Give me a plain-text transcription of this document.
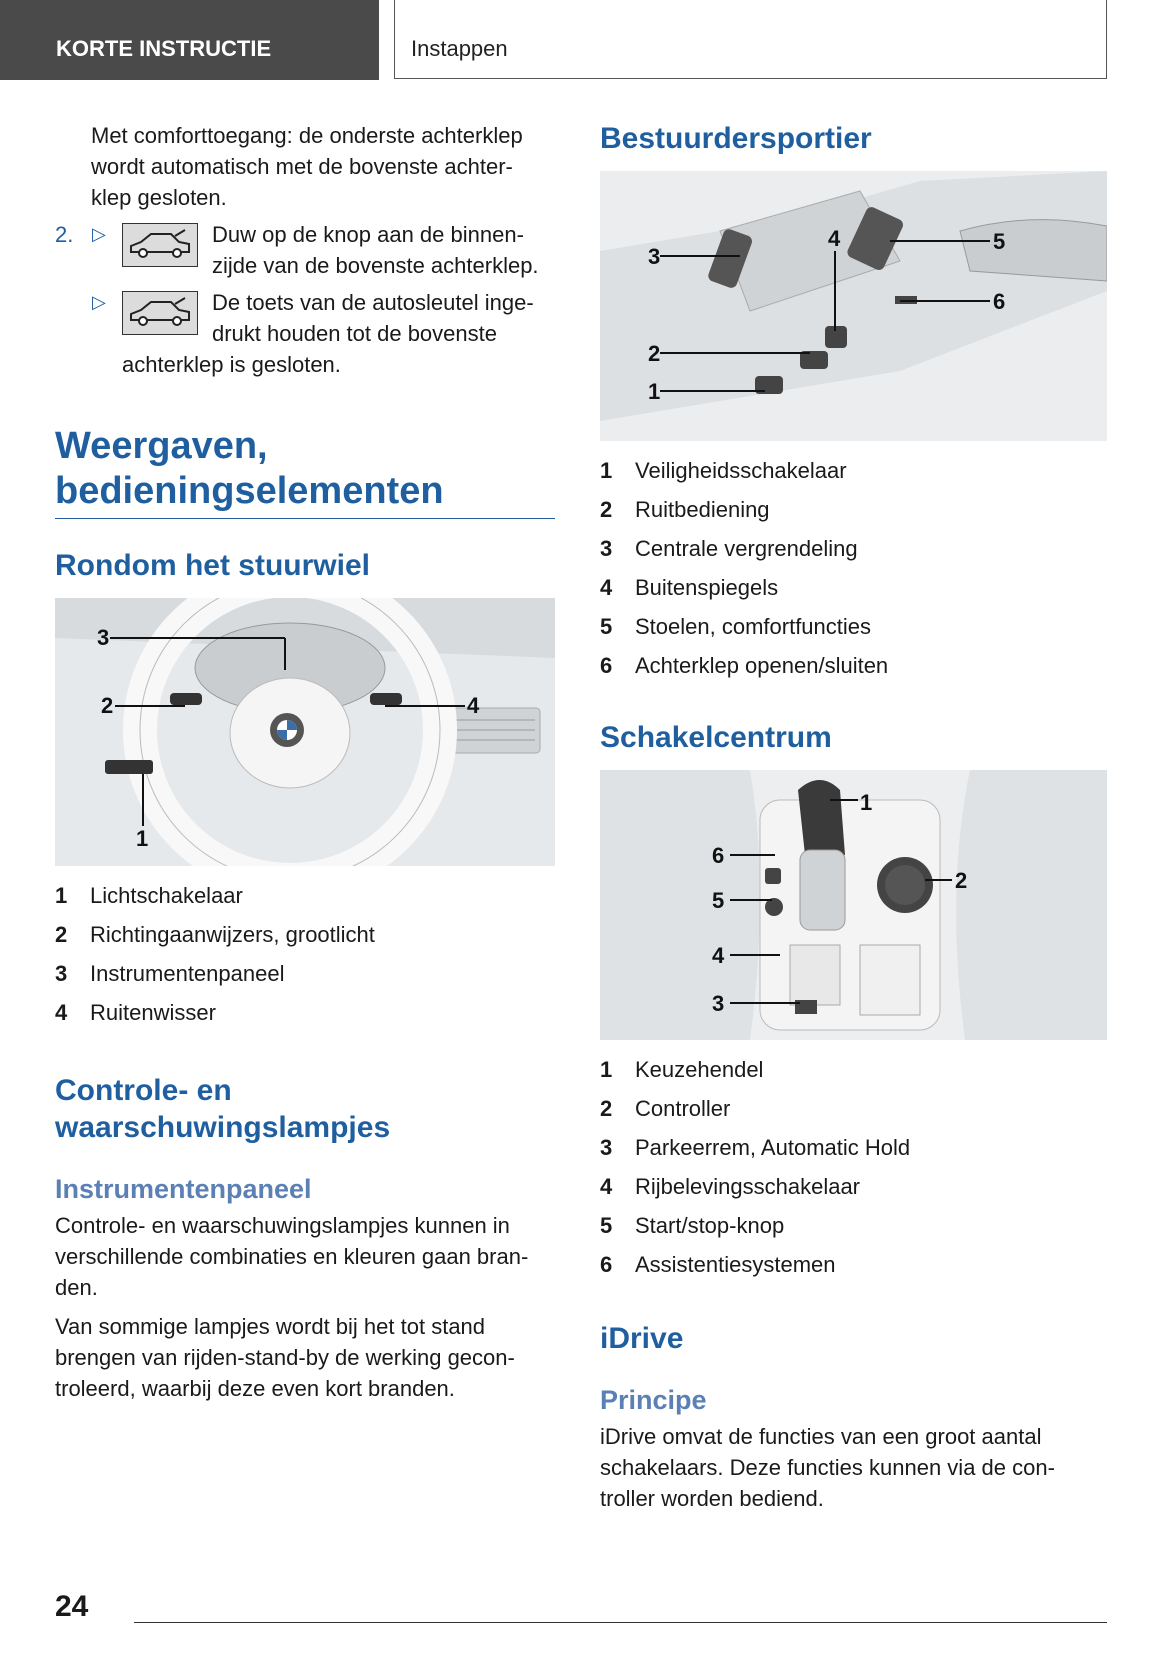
KORTE INSTRUCTIE	Instappen

Met comforttoegang: de onderste achterklep wordt automatisch met de bovenste achter-klep gesloten.

2. ▷	Duw op de knop aan de binnen-zijde van de bovenste achterklep.
▷	De toets van de autosleutel inge-drukt houden tot de bovenste achterklep is gesloten.
Weergaven, bedieningselementen
Rondom het stuurwiel
3
2	4
1
1	Lichtschakelaar
2	Richtingaanwijzers, grootlicht
3	Instrumentenpaneel
4	Ruitenwisser
Controle- en waarschuwingslampjes
Instrumentenpaneel

Controle- en waarschuwingslampjes kunnen in verschillende combinaties en kleuren gaan bran-den.

Van sommige lampjes wordt bij het tot stand brengen van rijden-stand-by de werking gecon-troleerd, waarbij deze even kort branden.

Bestuurdersportier
3
4	5
6
2
1
1	Veiligheidsschakelaar
2	Ruitbediening
3	Centrale vergrendeling
4	Buitenspiegels
5	Stoelen, comfortfuncties
6	Achterklep openen/sluiten
Schakelcentrum
1
2
6
5
4
3
1	Keuzehendel
2	Controller
3	Parkeerrem, Automatic Hold
4	Rijbelevingsschakelaar
5	Start/stop-knop
6	Assistentiesystemen
iDrive
Principe

iDrive omvat de functies van een groot aantal schakelaars. Deze functies kunnen via de con-troller worden bediend.

24
